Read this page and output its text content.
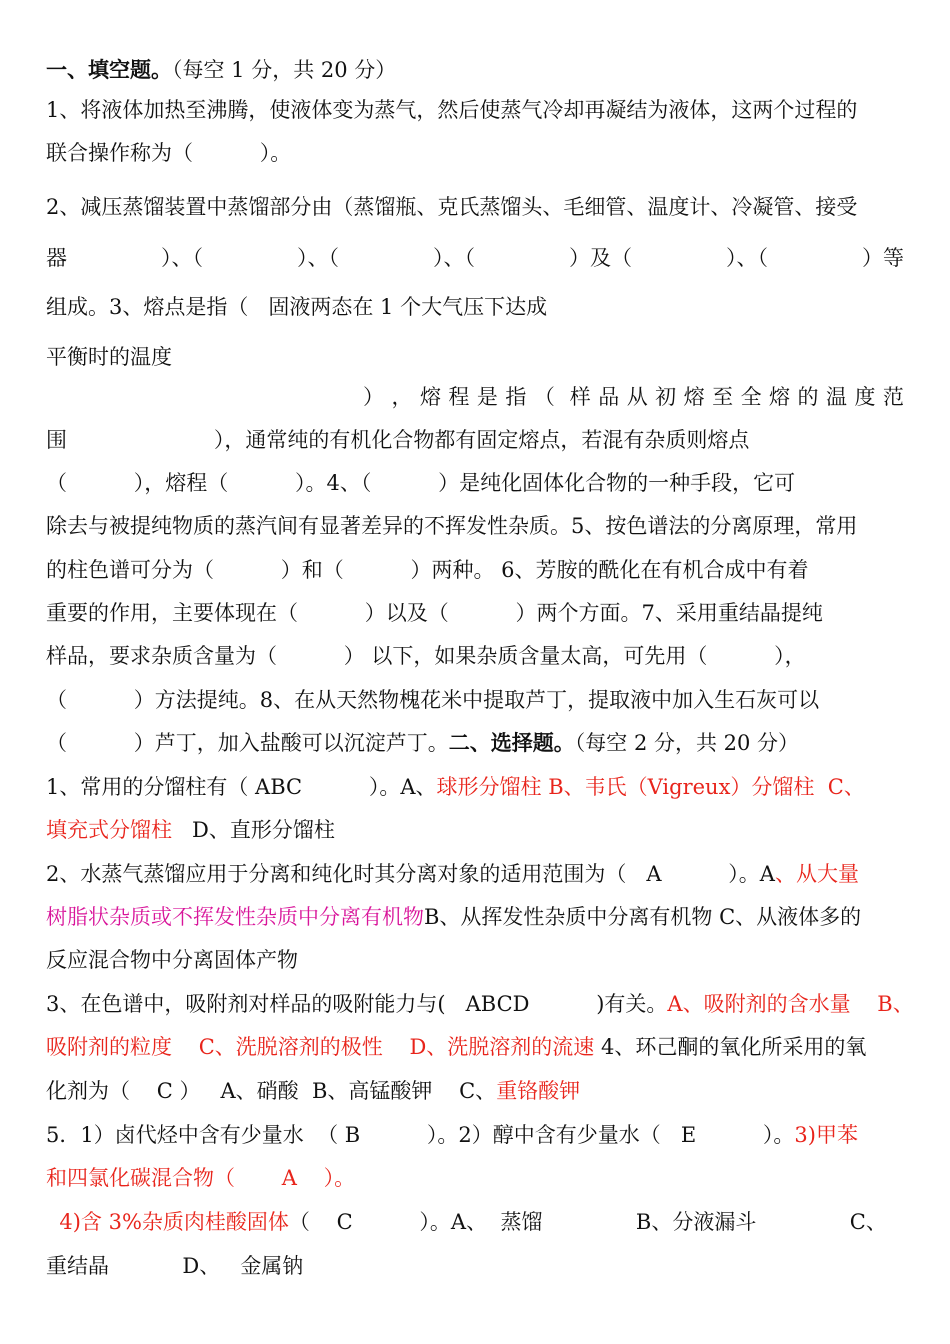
一、填空题。（每空 1 分，共 20 分）
1、将液体加热至沸腾，使液体变为蒸气，然后使蒸气冷却再凝结为液体，这两个过程的
联合操作称为（          ）。
2、减压蒸馏装置中蒸馏部分由（蒸馏瓶、克氏蒸馏头、毛细管、温度计、冷凝管、接受
器	）、（	）、（	）、（	）及（	）、（	）等
组成。3、熔点是指（   固液两态在 1 个大气压下达成
平衡时的温度
） ， 熔 程 是 指 （ 样 品 从 初 熔 至 全 熔 的 温 度 范
围                      ），通常纯的有机化合物都有固定熔点，若混有杂质则熔点
（          ），熔程（          ）。4、（          ）是纯化固体化合物的一种手段，它可
除去与被提纯物质的蒸汽间有显著差异的不挥发性杂质。5、按色谱法的分离原理，常用
的柱色谱可分为（          ）和（          ）两种。 6、芳胺的酰化在有机合成中有着
重要的作用，主要体现在（          ）以及（          ）两个方面。7、采用重结晶提纯
样品，要求杂质含量为（          ） 以下，如果杂质含量太高，可先用（          ），
（          ）方法提纯。8、在从天然物槐花米中提取芦丁，提取液中加入生石灰可以
（          ）芦丁，加入盐酸可以沉淀芦丁。二、选择题。（每空 2 分，共 20 分）
1、常用的分馏柱有（ ABC          ）。A、球形分馏柱 B、韦氏（Vigreux）分馏柱  C、
填充式分馏柱   D、直形分馏柱
2、水蒸气蒸馏应用于分离和纯化时其分离对象的适用范围为（   A          ）。A、从大量
树脂状杂质或不挥发性杂质中分离有机物B、从挥发性杂质中分离有机物 C、从液体多的
反应混合物中分离固体产物
3、在色谱中，吸附剂对样品的吸附能力与(   ABCD          )有关。A、吸附剂的含水量    B、
吸附剂的粒度    C、洗脱溶剂的极性    D、洗脱溶剂的流速 4、环己酮的氧化所采用的氧
化剂为（    C ）   A、硝酸  B、高锰酸钾    C、重铬酸钾
5．1）卤代烃中含有少量水  （ B          ）。2）醇中含有少量水（   E          ）。3)甲苯
和四氯化碳混合物（       A    ）。
4)含 3%杂质肉桂酸固体（    C          ）。A、  蒸馏              B、分液漏斗              C、
重结晶           D、   金属钠
